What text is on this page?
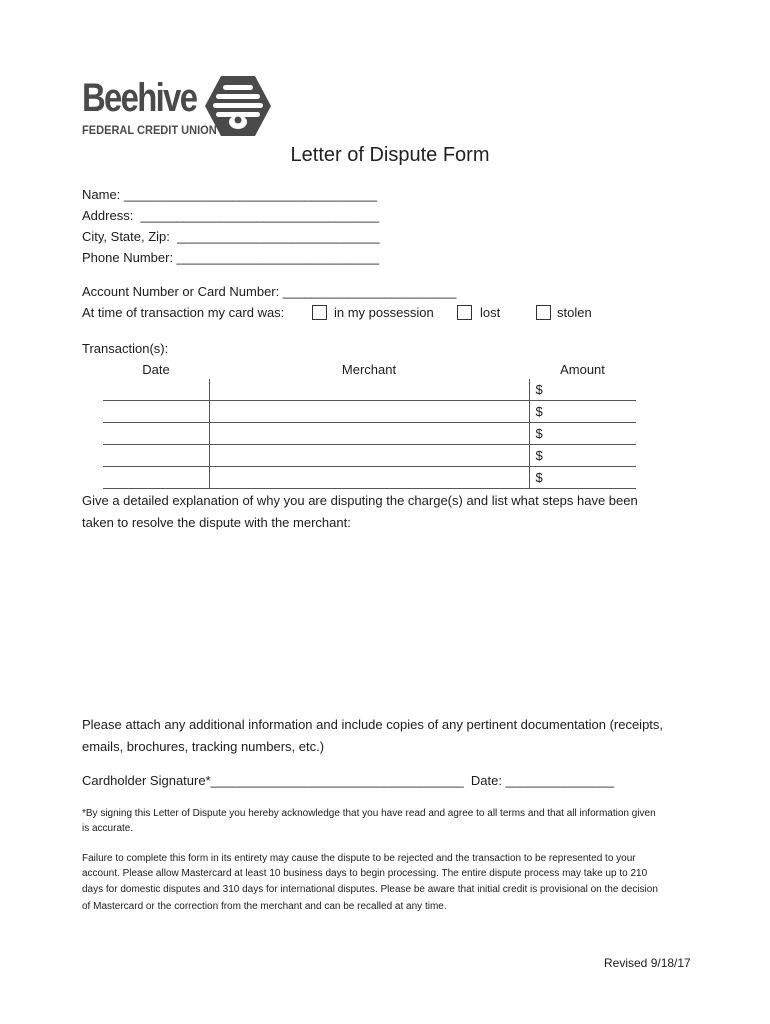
Beehive
FEDERAL CREDIT UNION
Letter of Dispute Form
Name: ___________________________________
Address:  _________________________________
City, State, Zip:  ____________________________
Phone Number: ____________________________
Account Number or Card Number: ________________________
At time of transaction my card was:	in my possession	lost	stolen
Transaction(s):
Date	Merchant	Amount
		$
		$
		$
		$
		$
Give a detailed explanation of why you are disputing the charge(s) and list what steps have been
taken to resolve the dispute with the merchant:
Please attach any additional information and include copies of any pertinent documentation (receipts,
emails, brochures, tracking numbers, etc.)
Cardholder Signature*___________________________________  Date: _______________
*By signing this Letter of Dispute you hereby acknowledge that you have read and agree to all terms and that all information given
is accurate.
Failure to complete this form in its entirety may cause the dispute to be rejected and the transaction to be represented to your
account. Please allow Mastercard at least 10 business days to begin processing. The entire dispute process may take up to 210
days for domestic disputes and 310 days for international disputes. Please be aware that initial credit is provisional on the decision
of Mastercard or the correction from the merchant and can be recalled at any time.
Revised 9/18/17
